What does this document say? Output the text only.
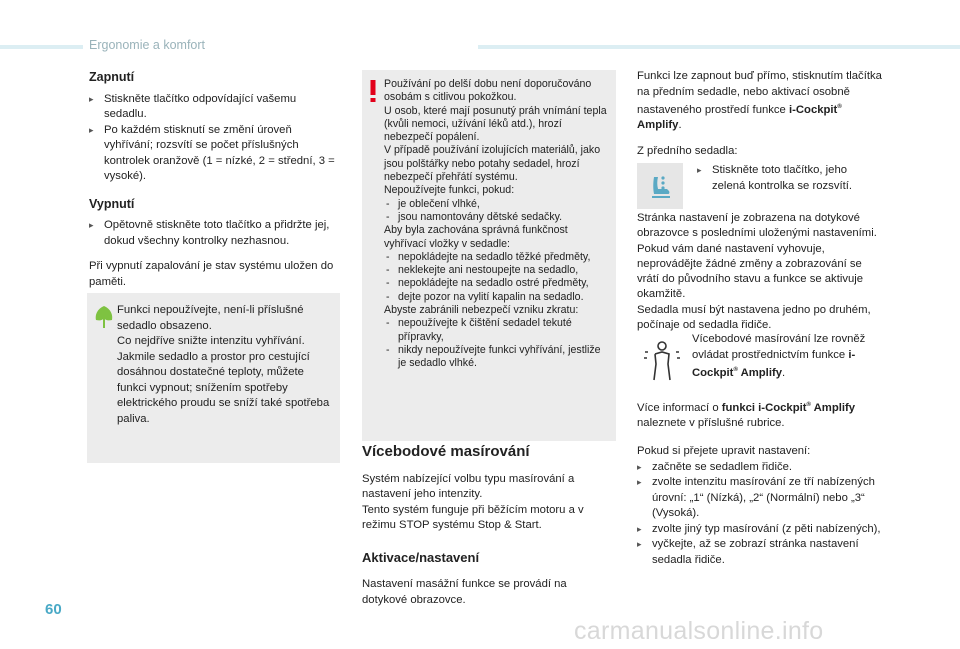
Ergonomie a komfort
Zapnutí
▸ Stiskněte tlačítko odpovídající vašemu sedadlu.
▸ Po každém stisknutí se změní úroveň vyhřívání; rozsvítí se počet příslušných kontrolek oranžově (1 = nízké, 2 = střední, 3 = vysoké).
Vypnutí
▸ Opětovně stiskněte toto tlačítko a přidržte jej, dokud všechny kontrolky nezhasnou.

Při vypnutí zapalování je stav systému uložen do paměti.

Funkci nepoužívejte, není-li příslušné sedadlo obsazeno.
Co nejdříve snižte intenzitu vyhřívání.
Jakmile sedadlo a prostor pro cestující dosáhnou dostatečné teploty, můžete funkci vypnout; snížením spotřeby elektrického proudu se sníží také spotřeba paliva.

Používání po delší dobu není doporučováno osobám s citlivou pokožkou.
U osob, které mají posunutý práh vnímání tepla (kvůli nemoci, užívání léků atd.), hrozí nebezpečí popálení.
V případě používání izolujících materiálů, jako jsou polštářky nebo potahy sedadel, hrozí nebezpečí přehřátí systému.
Nepoužívejte funkci, pokud:

- je oblečení vlhké,
- jsou namontovány dětské sedačky.

Aby byla zachována správná funkčnost vyhřívací vložky v sedadle:

- nepokládejte na sedadlo těžké předměty,
- neklekejte ani nestoupejte na sedadlo,
- nepokládejte na sedadlo ostré předměty,
- dejte pozor na vylití kapalin na sedadlo.

Abyste zabránili nebezpečí vzniku zkratu:

- nepoužívejte k čištění sedadel tekuté přípravky,
- nikdy nepoužívejte funkci vyhřívání, jestliže je sedadlo vlhké.
Vícebodové masírování

Systém nabízející volbu typu masírování a nastavení jeho intenzity.
Tento systém funguje při běžícím motoru a v režimu STOP systému Stop & Start.

Aktivace/nastavení

Nastavení masážní funkce se provádí na dotykové obrazovce.

Funkci lze zapnout buď přímo, stisknutím tlačítka na předním sedadle, nebo aktivací osobně nastaveného prostředí funkce i-Cockpit® Amplify.

Z předního sedadla:

▸ Stiskněte toto tlačítko, jeho zelená kontrolka se rozsvítí.

Stránka nastavení je zobrazena na dotykové obrazovce s posledními uloženými nastaveními.
Pokud vám dané nastavení vyhovuje, neprovádějte žádné změny a zobrazování se vrátí do původního stavu a funkce se aktivuje okamžitě.
Sedadla musí být nastavena jedno po druhém, počínaje od sedadla řidiče.

Vícebodové masírování lze rovněž ovládat prostřednictvím funkce i-Cockpit® Amplify.

Více informací o funkci i-Cockpit® Amplify
naleznete v příslušné rubrice.

Pokud si přejete upravit nastavení:

▸ začněte se sedadlem řidiče.
▸ zvolte intenzitu masírování ze tří nabízených úrovní: „1“ (Nízká), „2“ (Normální) nebo „3“ (Vysoká).
▸ zvolte jiný typ masírování (z pěti nabízených),
▸ vyčkejte, až se zobrazí stránka nastavení sedadla řidiče.
60
carmanualsonline.info
